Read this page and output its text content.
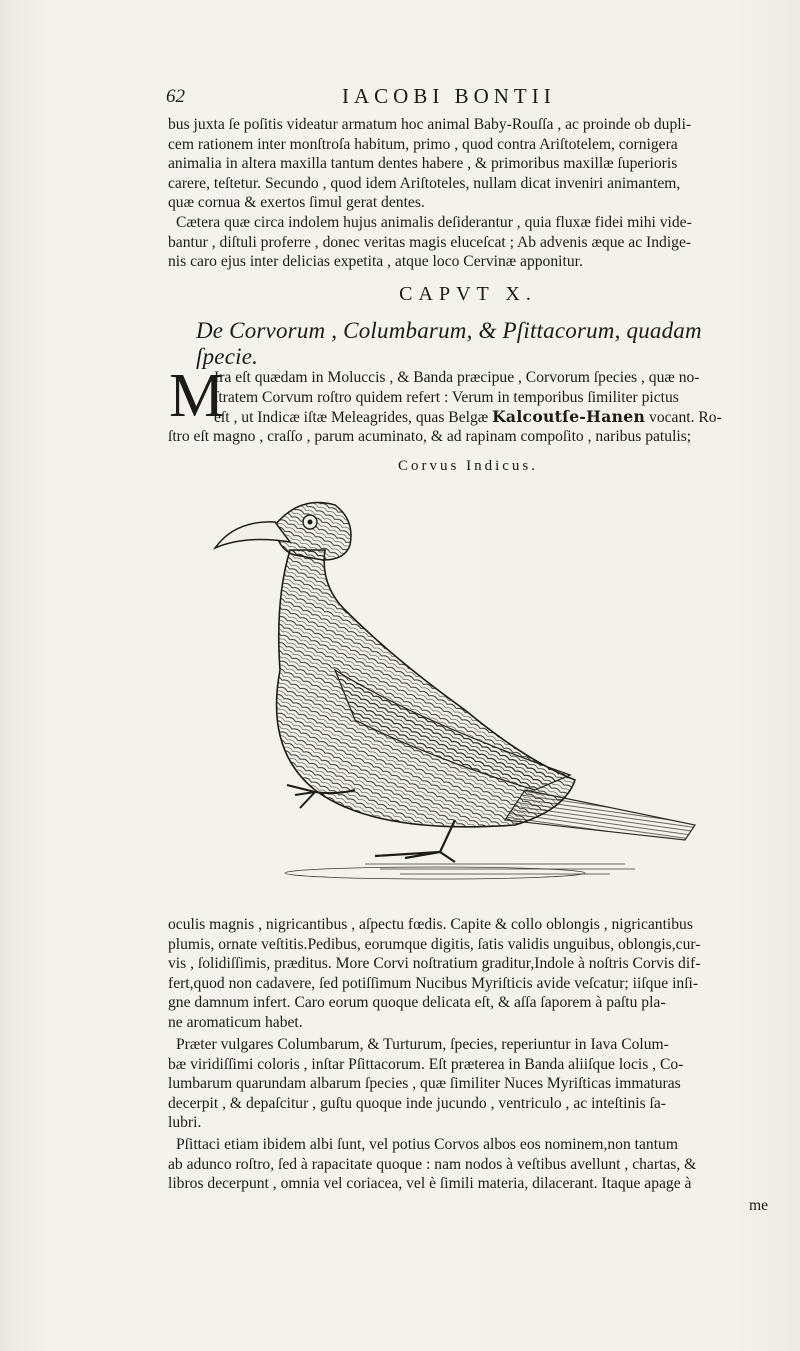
62	IACOBI BONTII
bus juxta ſe poſitis videatur armatum hoc animal Baby-Rouſſa , ac proinde ob dupli-
cem rationem inter monſtroſa habitum, primo , quod contra Ariſtotelem, cornigera
animalia in altera maxilla tantum dentes habere , & primoribus maxillæ ſuperioris
carere, teſtetur. Secundo , quod idem Ariſtoteles, nullam dicat inveniri animantem,
quæ cornua & exertos ſimul gerat dentes.
Cætera quæ circa indolem hujus animalis deſiderantur , quia fluxæ fidei mihi vide-
bantur , diſtuli proferre , donec veritas magis eluceſcat ; Ab advenis æque ac Indige-
nis caro ejus inter delicias expetita , atque loco Cervinæ apponitur.
CAPVT X.
De Corvorum , Columbarum, & Pſittacorum, quadam ſpecie.
M
Ira eſt quædam in Moluccis , & Banda præcipue , Corvorum ſpecies , quæ no-
ſtratem Corvum roſtro quidem refert : Verum in temporibus ſimiliter pictus
eſt , ut Indicæ iſtæ Meleagrides, quas Belgæ Kalcoutſe-Hanen vocant. Ro-
ſtro eſt magno , craſſo , parum acuminato, & ad rapinam compoſito , naribus patulis;
Corvus Indicus.
oculis magnis , nigricantibus , aſpectu fœdis. Capite & collo oblongis , nigricantibus
plumis, ornate veſtitis.Pedibus, eorumque digitis, ſatis validis unguibus, oblongis,cur-
vis , ſolidiſſimis, præditus. More Corvi noſtratium graditur,Indole à noſtris Corvis dif-
fert,quod non cadavere, ſed potiſſimum Nucibus Myriſticis avide veſcatur; iiſque inſi-
gne damnum infert. Caro eorum quoque delicata eſt, & aſſa ſaporem à paſtu pla-
ne aromaticum habet.
Præter vulgares Columbarum, & Turturum, ſpecies, reperiuntur in Iava Colum-
bæ viridiſſimi coloris , inſtar Pſittacorum. Eſt præterea in Banda aliiſque locis , Co-
lumbarum quarundam albarum ſpecies , quæ ſimiliter Nuces Myriſticas immaturas
decerpit , & depaſcitur , guſtu quoque inde jucundo , ventriculo , ac inteſtinis ſa-
lubri.
Pſittaci etiam ibidem albi ſunt, vel potius Corvos albos eos nominem,non tantum
ab adunco roſtro, ſed à rapacitate quoque : nam nodos à veſtibus avellunt , chartas, &
libros decerpunt , omnia vel coriacea, vel è ſimili materia, dilacerant. Itaque apage à
me
